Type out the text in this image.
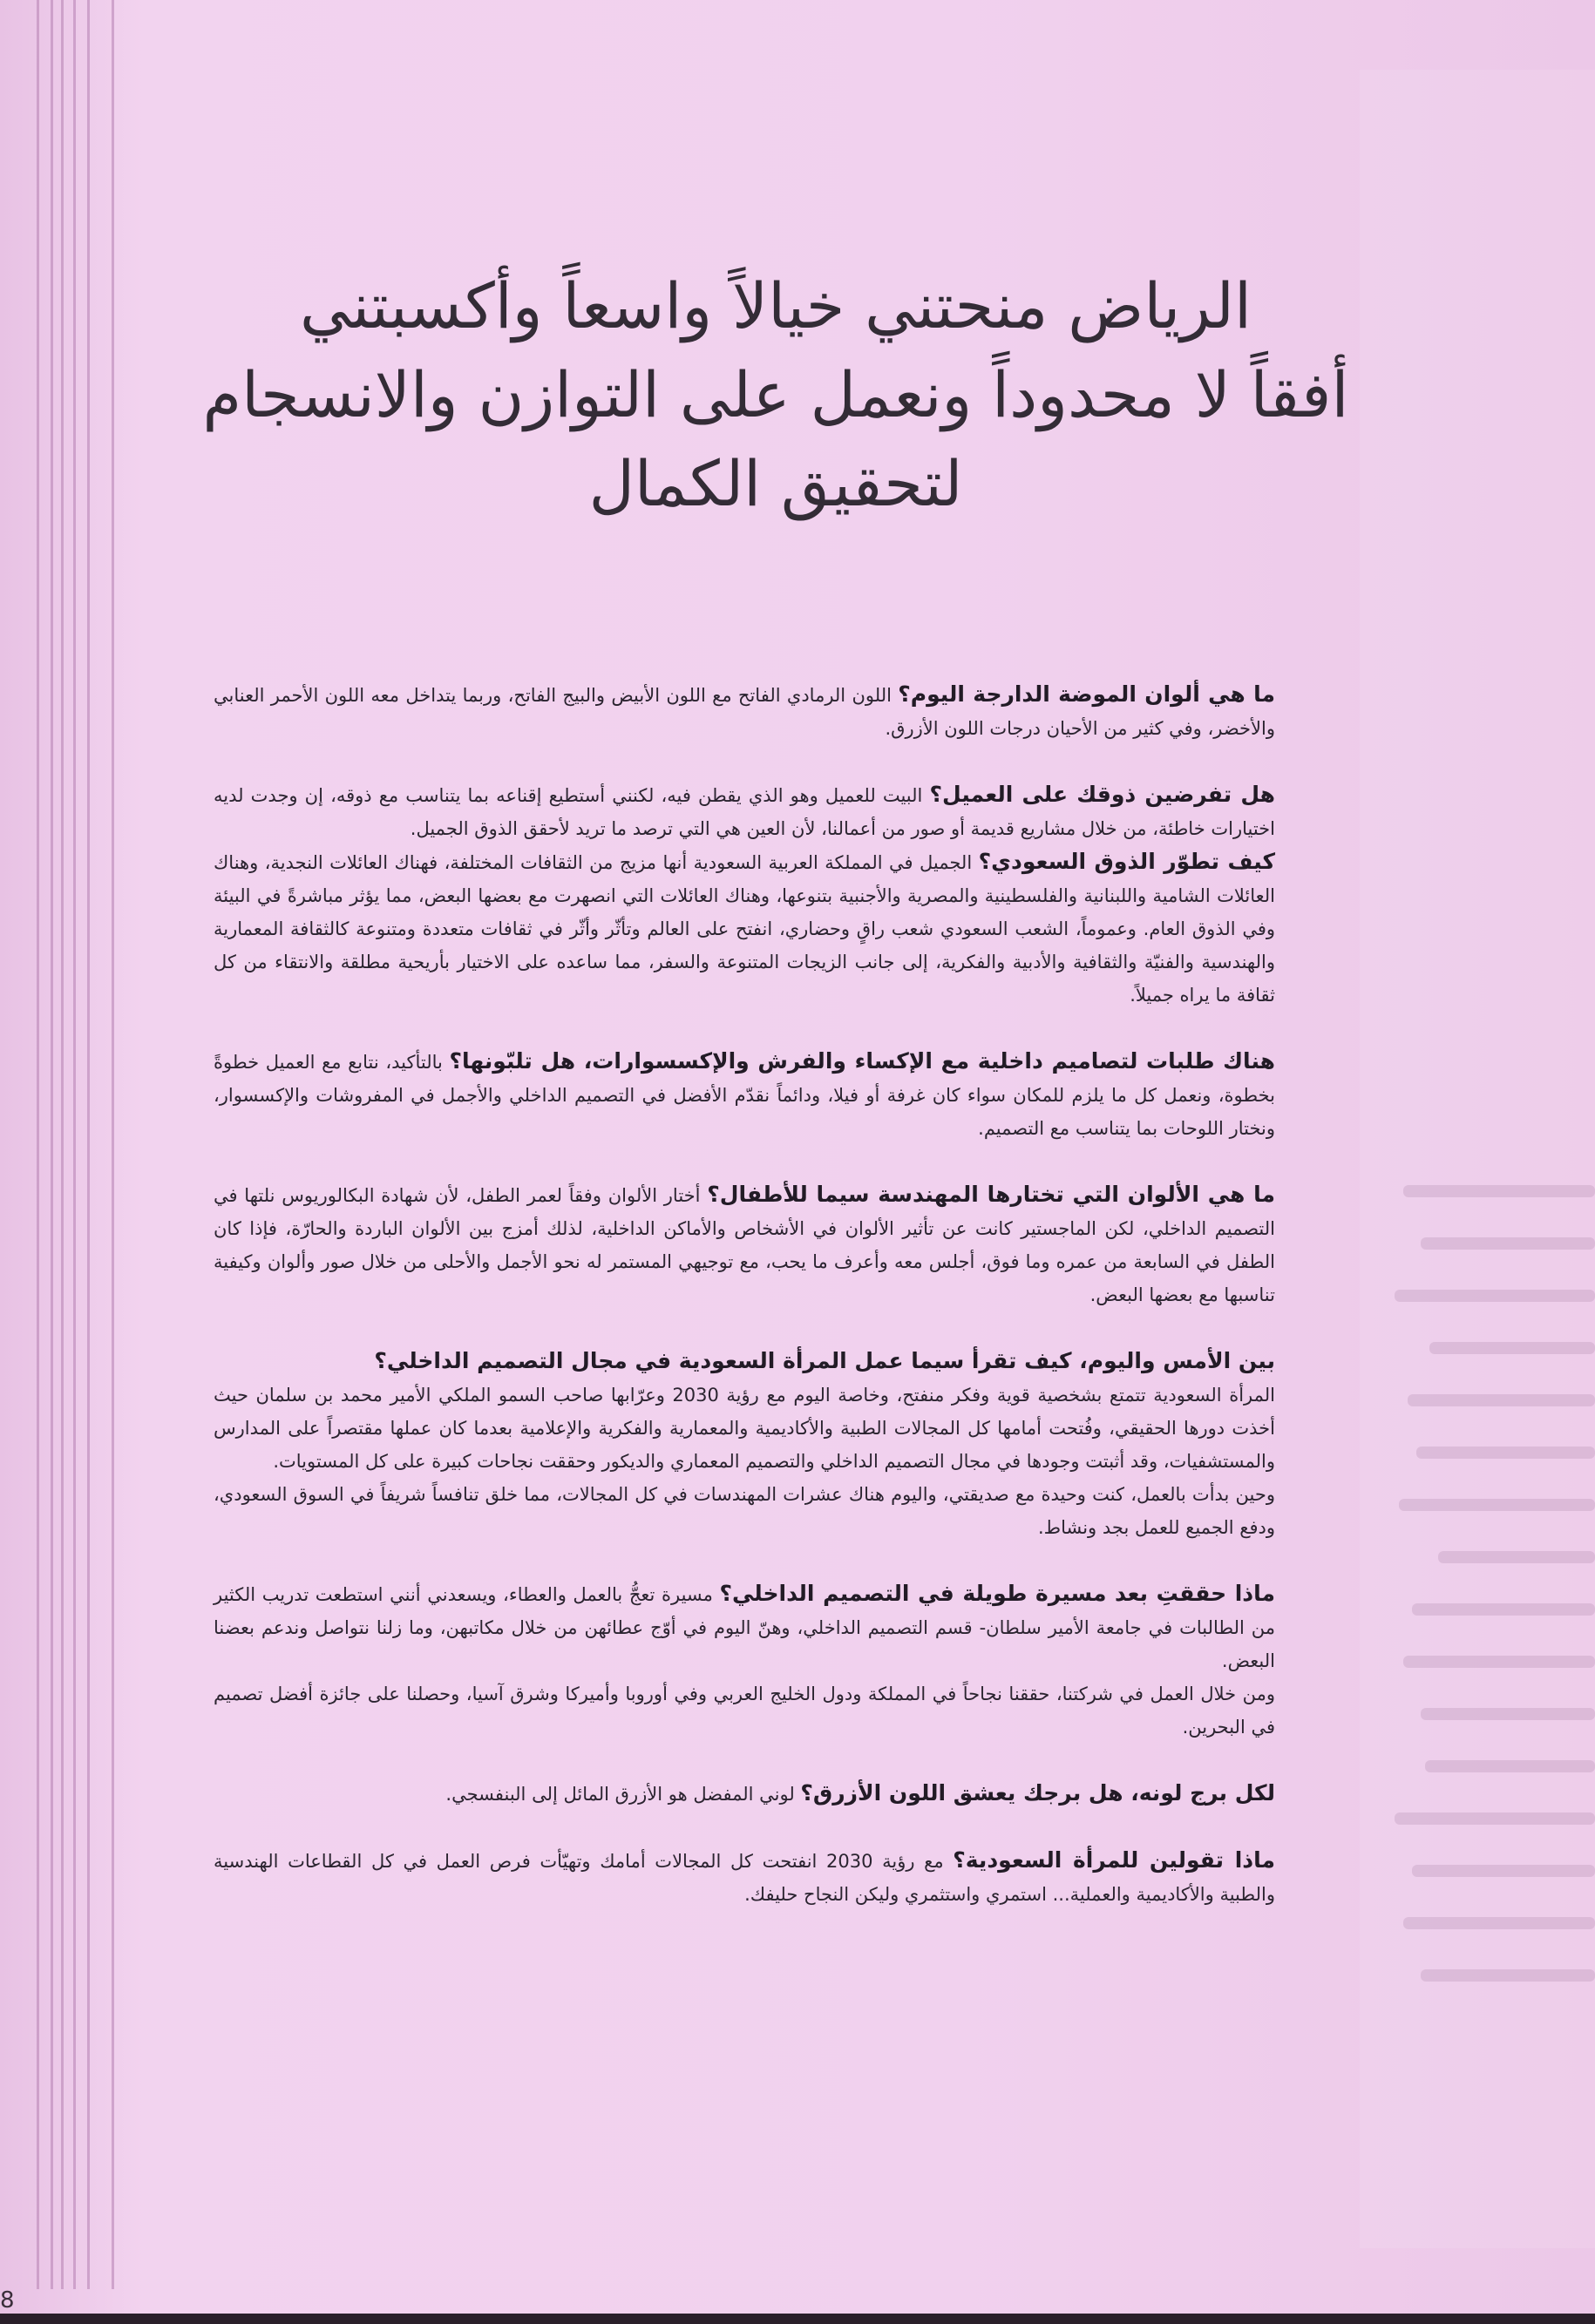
الرياض منحتني خيالاً واسعاً وأكسبتني
أفقاً لا محدوداً ونعمل على التوازن والانسجام
لتحقيق الكمال

ما هي ألوان الموضة الدارجة اليوم؟ اللون الرمادي الفاتح مع اللون الأبيض والبيج الفاتح، وربما يتداخل معه اللون الأحمر العنابي والأخضر، وفي كثير من الأحيان درجات اللون الأزرق.

هل تفرضين ذوقك على العميل؟ البيت للعميل وهو الذي يقطن فيه، لكنني أستطيع إقناعه بما يتناسب مع ذوقه، إن وجدت لديه اختيارات خاطئة، من خلال مشاريع قديمة أو صور من أعمالنا، لأن العين هي التي ترصد ما تريد لأحقق الذوق الجميل.

كيف تطوّر الذوق السعودي؟ الجميل في المملكة العربية السعودية أنها مزيج من الثقافات المختلفة، فهناك العائلات النجدية، وهناك العائلات الشامية واللبنانية والفلسطينية والمصرية والأجنبية بتنوعها، وهناك العائلات التي انصهرت مع بعضها البعض، مما يؤثر مباشرةً في البيئة وفي الذوق العام. وعموماً، الشعب السعودي شعب راقٍ وحضاري، انفتح على العالم وتأثّر وأثّر في ثقافات متعددة ومتنوعة كالثقافة المعمارية والهندسية والفنيّة والثقافية والأدبية والفكرية، إلى جانب الزيجات المتنوعة والسفر، مما ساعده على الاختيار بأريحية مطلقة والانتقاء من كل ثقافة ما يراه جميلاً.

هناك طلبات لتصاميم داخلية مع الإكساء والفرش والإكسسوارات، هل تلبّونها؟ بالتأكيد، نتابع مع العميل خطوةً بخطوة، ونعمل كل ما يلزم للمكان سواء كان غرفة أو فيلا، ودائماً نقدّم الأفضل في التصميم الداخلي والأجمل في المفروشات والإكسسوار، ونختار اللوحات بما يتناسب مع التصميم.

ما هي الألوان التي تختارها المهندسة سيما للأطفال؟ أختار الألوان وفقاً لعمر الطفل، لأن شهادة البكالوريوس نلتها في التصميم الداخلي، لكن الماجستير كانت عن تأثير الألوان في الأشخاص والأماكن الداخلية، لذلك أمزج بين الألوان الباردة والحارّة، فإذا كان الطفل في السابعة من عمره وما فوق، أجلس معه وأعرف ما يحب، مع توجيهي المستمر له نحو الأجمل والأحلى من خلال صور وألوان وكيفية تناسبها مع بعضها البعض.

بين الأمس واليوم، كيف تقرأ سيما عمل المرأة السعودية في مجال التصميم الداخلي؟

المرأة السعودية تتمتع بشخصية قوية وفكر منفتح، وخاصة اليوم مع رؤية 2030 وعرّابها صاحب السمو الملكي الأمير محمد بن سلمان حيث أخذت دورها الحقيقي، وفُتحت أمامها كل المجالات الطبية والأكاديمية والمعمارية والفكرية والإعلامية بعدما كان عملها مقتصراً على المدارس والمستشفيات، وقد أثبتت وجودها في مجال التصميم الداخلي والتصميم المعماري والديكور وحققت نجاحات كبيرة على كل المستويات.

وحين بدأت بالعمل، كنت وحيدة مع صديقتي، واليوم هناك عشرات المهندسات في كل المجالات، مما خلق تنافساً شريفاً في السوق السعودي، ودفع الجميع للعمل بجد ونشاط.

ماذا حققتِ بعد مسيرة طويلة في التصميم الداخلي؟ مسيرة تعجُّ بالعمل والعطاء، ويسعدني أنني استطعت تدريب الكثير من الطالبات في جامعة الأمير سلطان- قسم التصميم الداخلي، وهنّ اليوم في أوّج عطائهن من خلال مكاتبهن، وما زلنا نتواصل وندعم بعضنا البعض.

ومن خلال العمل في شركتنا، حققنا نجاحاً في المملكة ودول الخليج العربي وفي أوروبا وأميركا وشرق آسيا، وحصلنا على جائزة أفضل تصميم في البحرين.

لكل برج لونه، هل برجك يعشق اللون الأزرق؟ لوني المفضل هو الأزرق المائل إلى البنفسجي.

ماذا تقولين للمرأة السعودية؟ مع رؤية 2030 انفتحت كل المجالات أمامك وتهيّأت فرص العمل في كل القطاعات الهندسية والطبية والأكاديمية والعملية... استمري واستثمري وليكن النجاح حليفك.

8
